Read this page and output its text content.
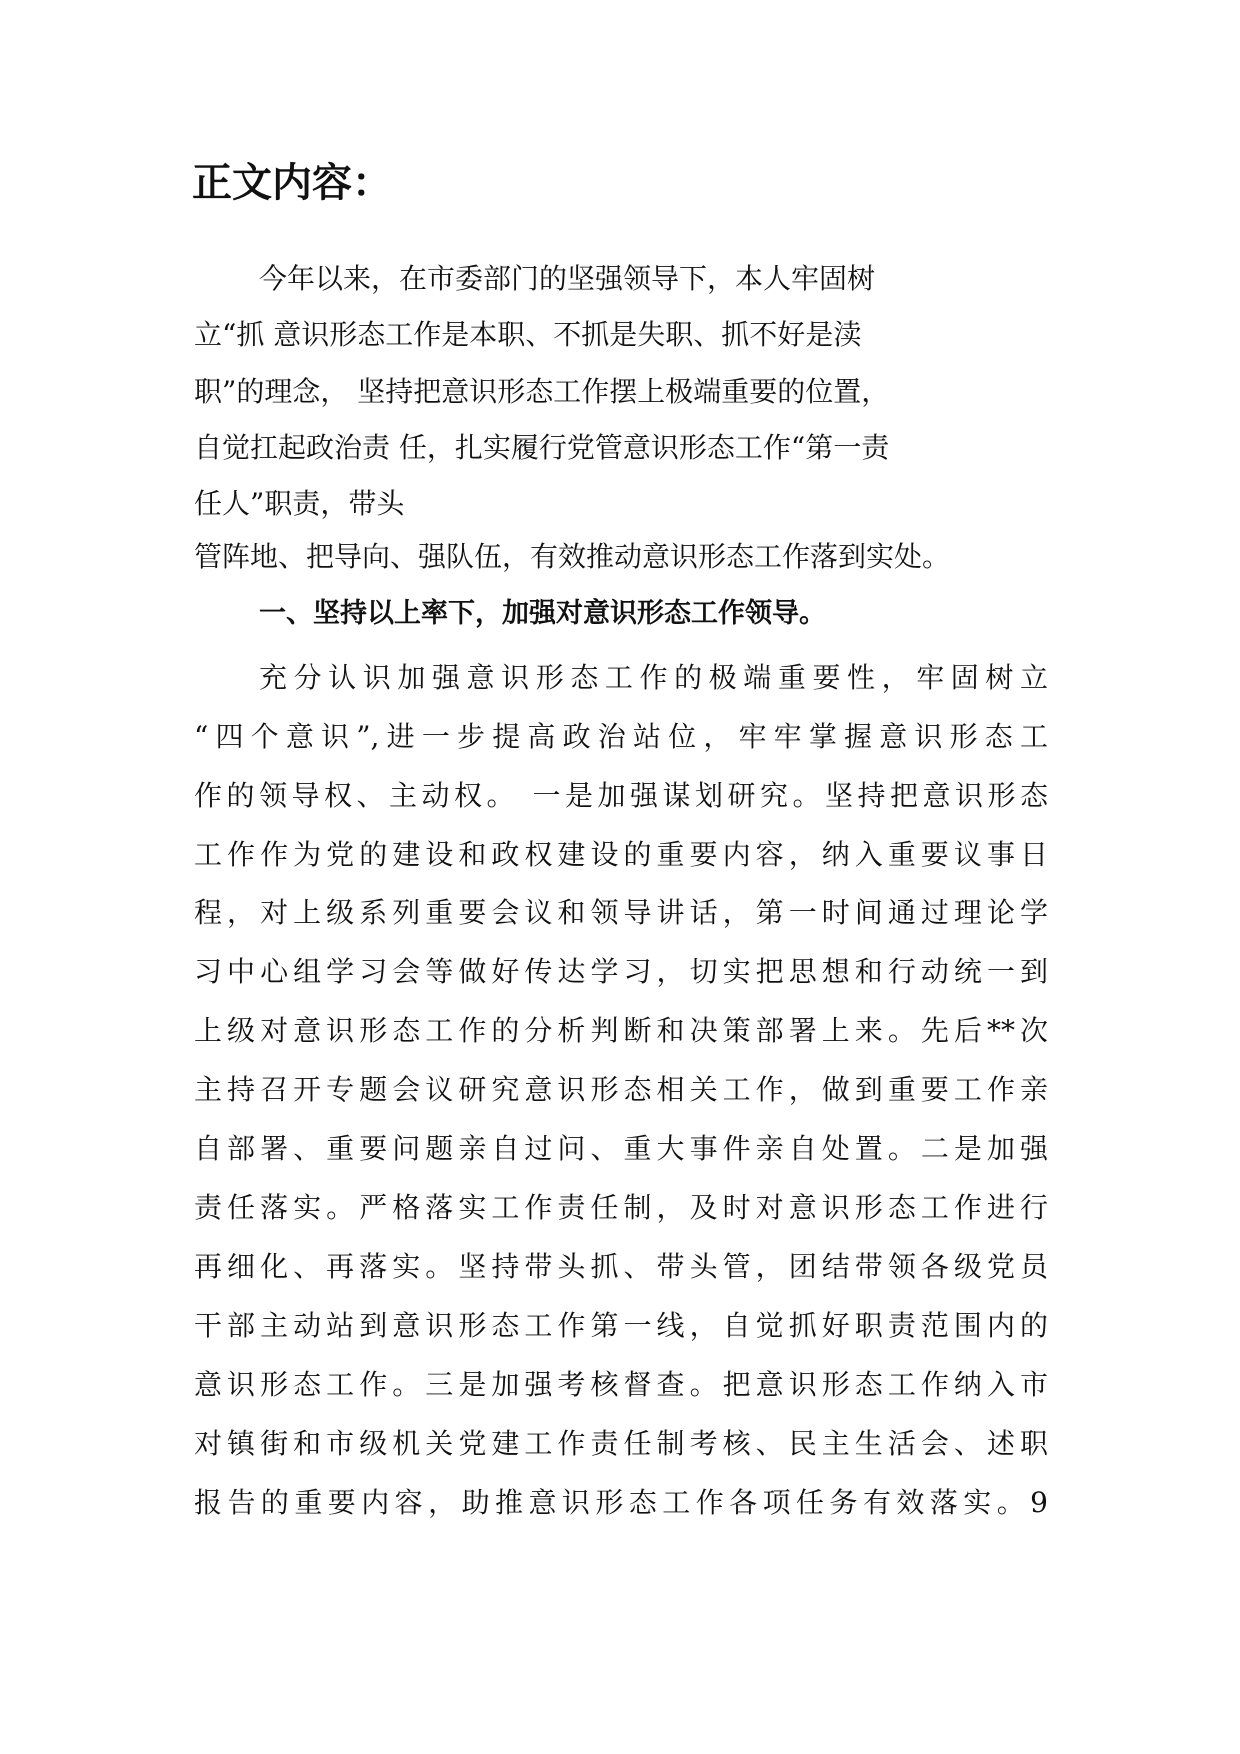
正文内容：

今年以来，在市委部门的坚强领导下，本人牢固树

立“抓 意识形态工作是本职、不抓是失职、抓不好是渎

职”的理念， 坚持把意识形态工作摆上极端重要的位置，

自觉扛起政治责 任，扎实履行党管意识形态工作“第一责

任人”职责，带头

管阵地、把导向、强队伍，有效推动意识形态工作落到实处。

一、坚持以上率下，加强对意识形态工作领导。

充分认识加强意识形态工作的极端重要性，牢固树立

“四个意识”,进一步提高政治站位，牢牢掌握意识形态工

作的领导权、主动权。 一是加强谋划研究。坚持把意识形态

工作作为党的建设和政权建设的重要内容，纳入重要议事日

程，对上级系列重要会议和领导讲话，第一时间通过理论学

习中心组学习会等做好传达学习，切实把思想和行动统一到

上级对意识形态工作的分析判断和决策部署上来。先后**次

主持召开专题会议研究意识形态相关工作，做到重要工作亲

自部署、重要问题亲自过问、重大事件亲自处置。二是加强

责任落实。严格落实工作责任制，及时对意识形态工作进行

再细化、再落实。坚持带头抓、带头管，团结带领各级党员

干部主动站到意识形态工作第一线，自觉抓好职责范围内的

意识形态工作。三是加强考核督查。把意识形态工作纳入市

对镇街和市级机关党建工作责任制考核、民主生活会、述职

报告的重要内容，助推意识形态工作各项任务有效落实。9
